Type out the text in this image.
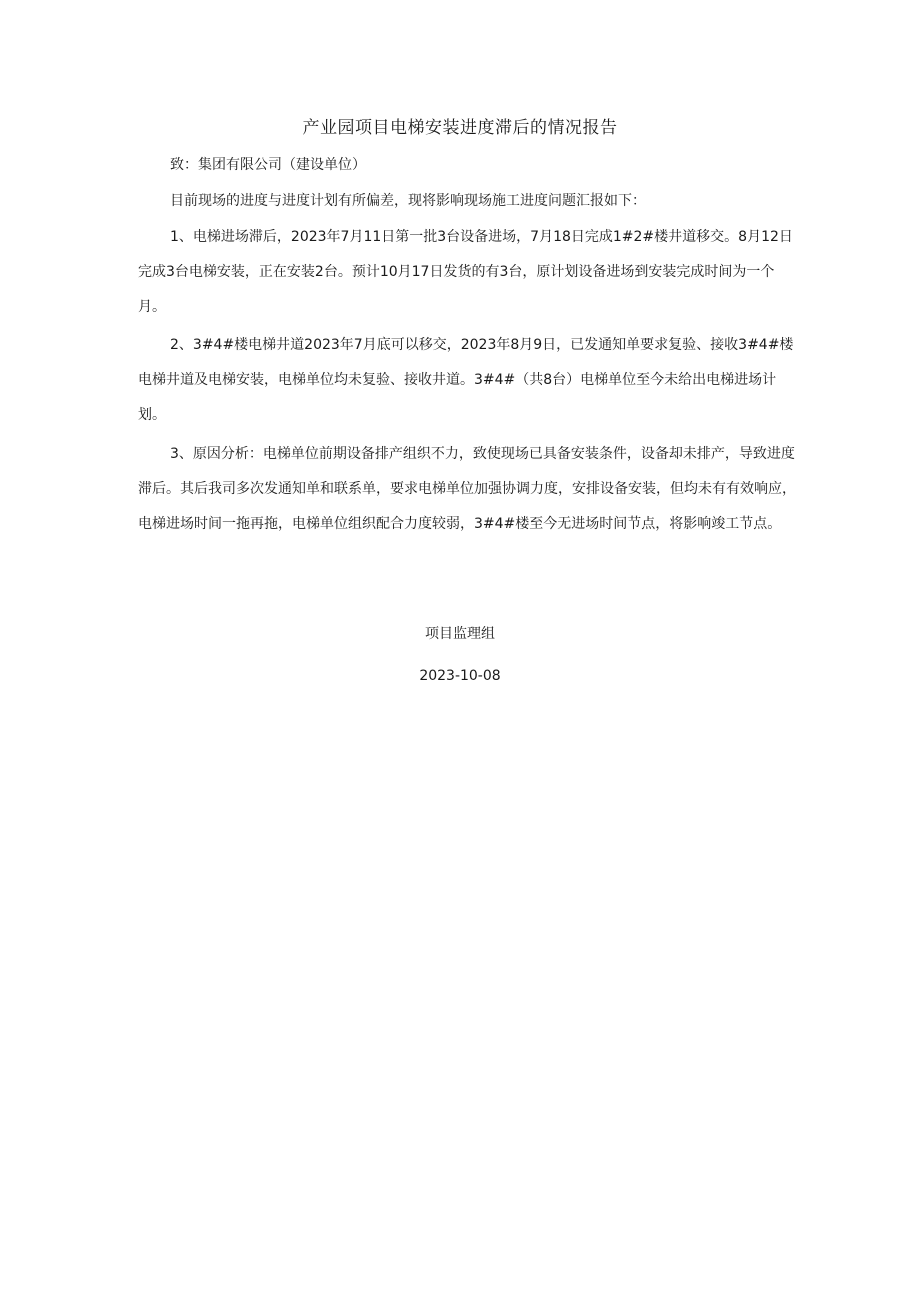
产业园项目电梯安装进度滞后的情况报告

致：集团有限公司（建设单位）

目前现场的进度与进度计划有所偏差，现将影响现场施工进度问题汇报如下：

1、电梯进场滞后，2023年7月11日第一批3台设备进场，7月18日完成1#2#楼井道移交。8月12日完成3台电梯安装，正在安装2台。预计10月17日发货的有3台，原计划设备进场到安装完成时间为一个月。

2、3#4#楼电梯井道2023年7月底可以移交，2023年8月9日，已发通知单要求复验、接收3#4#楼电梯井道及电梯安装，电梯单位均未复验、接收井道。3#4#（共8台）电梯单位至今未给出电梯进场计划。

3、原因分析：电梯单位前期设备排产组织不力，致使现场已具备安装条件，设备却未排产，导致进度滞后。其后我司多次发通知单和联系单，要求电梯单位加强协调力度，安排设备安装，但均未有有效响应，电梯进场时间一拖再拖，电梯单位组织配合力度较弱，3#4#楼至今无进场时间节点，将影响竣工节点。

项目监理组

2023-10-08
